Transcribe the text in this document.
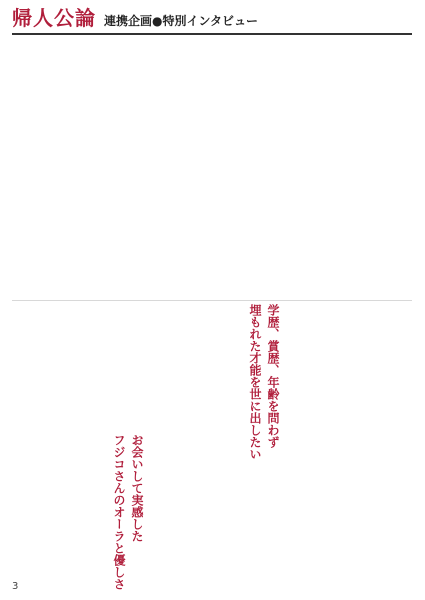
帰人公論 連携企画●特別インタビュー
学歴、賞歴、年齢を問わず
埋もれた才能を世に出したい
お会いして実感した
フジコさんのオーラと優しさ
3
